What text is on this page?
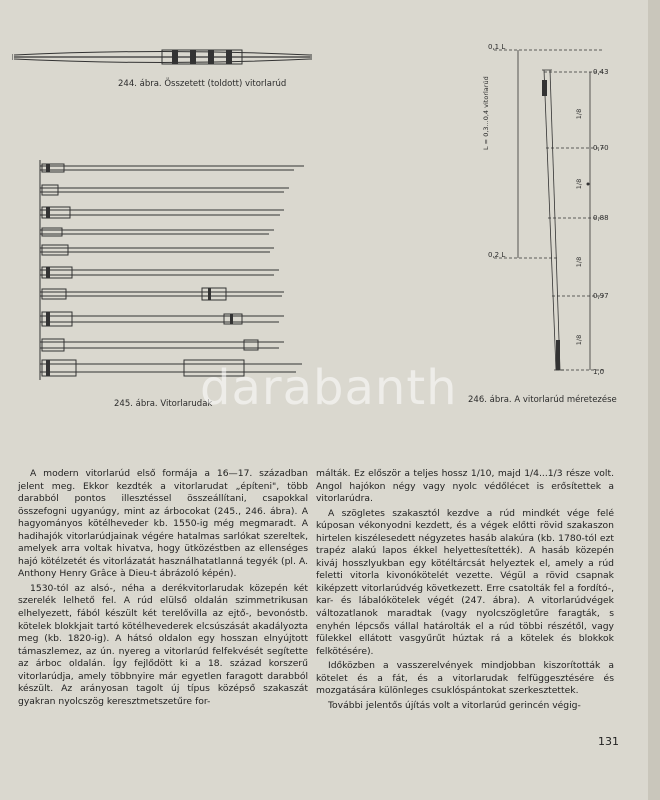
244. ábra. Összetett (toldott) vitorlarúd
245. ábra. Vitorlarudak
0,1 L
0,2 L
L = 0,3...0,4 vitorlarúd
0,43
0,70
0,88
0,97
1,0
1/8
1/8
1/8
1/8
246. ábra. A vitorlarúd méretezése
darabanth

A modern vitorlarúd első formája a 16—17. században jelent meg. Ekkor kezdték a vitorlarudat „építeni", több darabból pontos illesztéssel összeállítani, csapokkal összefogni ugyanúgy, mint az árbocokat (245., 246. ábra). A hagyományos kötélheveder kb. 1550-ig még megmaradt. A hadihajók vitorlarúdjainak végére hatalmas sarlókat szereltek, amelyek arra voltak hivatva, hogy ütközéstben az ellenséges hajó kötélzetét és vitorlázatát használhatatlanná tegyék (pl. A. Anthony Henry Grâce à Dieu-t ábrázoló képén).

1530-tól az alsó-, néha a derékvitorlarudak közepén két szerelék lelhető fel. A rúd elülső oldalán szimmetrikusan elhelyezett, fából készült két terelővilla az ejtő-, bevonóstb. kötelek blokkjait tartó kötélhevederek elcsúszását akadályozta meg (kb. 1820-ig). A hátsó oldalon egy hosszan elnyújtott támaszlemez, az ún. nyereg a vitorlarúd felfekvését segítette az árboc oldalán. Így fejlődött ki a 18. század korszerű vitorlarúdja, amely többnyire már egyetlen faragott darabból készült. Az arányosan tagolt új típus középső szakaszát gyakran nyolcszög keresztmetszetűre for-

málták. Ez először a teljes hossz 1/10, majd 1/4...1/3 része volt. Angol hajókon négy vagy nyolc védőlécet is erősítettek a vitorlarúdra.

A szögletes szakasztól kezdve a rúd mindkét vége felé kúposan vékonyodni kezdett, és a végek előtti rövid szakaszon hirtelen kiszélesedett négyzetes hasáb alakúra (kb. 1780-tól ezt trapéz alakú lapos ékkel helyettesítették). A hasáb közepén kiváj hosszlyukban egy kötéltárcsát helyeztek el, amely a rúd feletti vitorla kivonókötelét vezette. Végül a rövid csapnak kiképzett vitorlarúdvég következett. Erre csatolták fel a fordító-, kar- és lábalókötelek végét (247. ábra). A vitorlarúdvégek változatlanok maradtak (vagy nyolcszögletűre faragták, s enyhén lépcsős vállal határolták el a rúd többi részétől, vagy fülekkel ellátott vasgyűrűt húztak rá a kötelek és blokkok felkötésére).

Időközben a vasszerelvények mindjobban kiszorították a kötelet és a fát, és a vitorlarudak felfüggesztésére és mozgatására különleges csuklóspántokat szerkesztettek.

További jelentős újítás volt a vitorlarúd gerincén végig-

131
